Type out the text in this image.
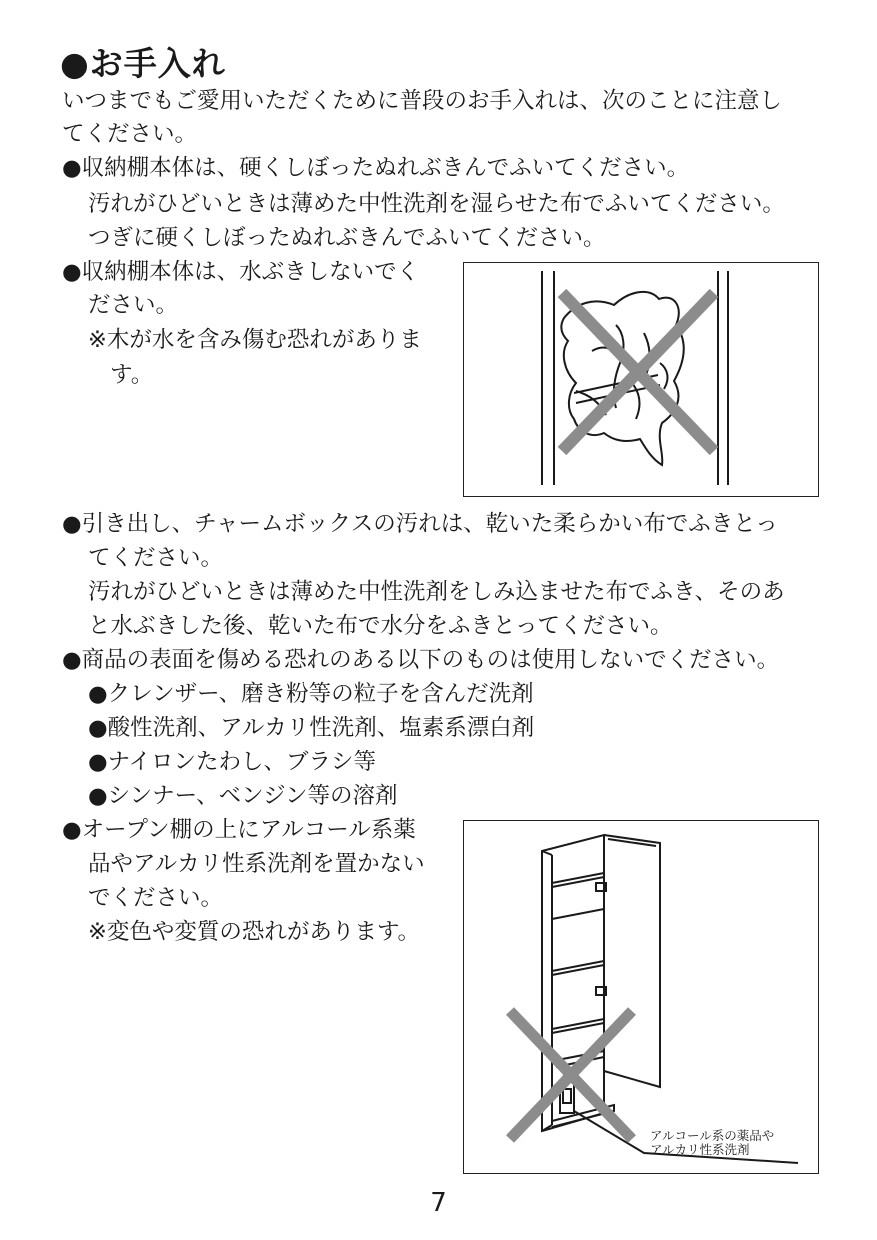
●お手入れ
いつまでもご愛用いただくために普段のお手入れは、次のことに注意し
てください。
●収納棚本体は、硬くしぼったぬれぶきんでふいてください。
汚れがひどいときは薄めた中性洗剤を湿らせた布でふいてください。
つぎに硬くしぼったぬれぶきんでふいてください。
●収納棚本体は、水ぶきしないでく
ださい。
※木が水を含み傷む恐れがありま
す。
●引き出し、チャームボックスの汚れは、乾いた柔らかい布でふきとっ
てください。
汚れがひどいときは薄めた中性洗剤をしみ込ませた布でふき、そのあ
と水ぶきした後、乾いた布で水分をふきとってください。
●商品の表面を傷める恐れのある以下のものは使用しないでください。
●クレンザー、磨き粉等の粒子を含んだ洗剤
●酸性洗剤、アルカリ性洗剤、塩素系漂白剤
●ナイロンたわし、ブラシ等
●シンナー、ベンジン等の溶剤
●オープン棚の上にアルコール系薬
品やアルカリ性系洗剤を置かない
でください。
※変色や変質の恐れがあります。
アルコール系の薬品や
アルカリ性系洗剤
7
